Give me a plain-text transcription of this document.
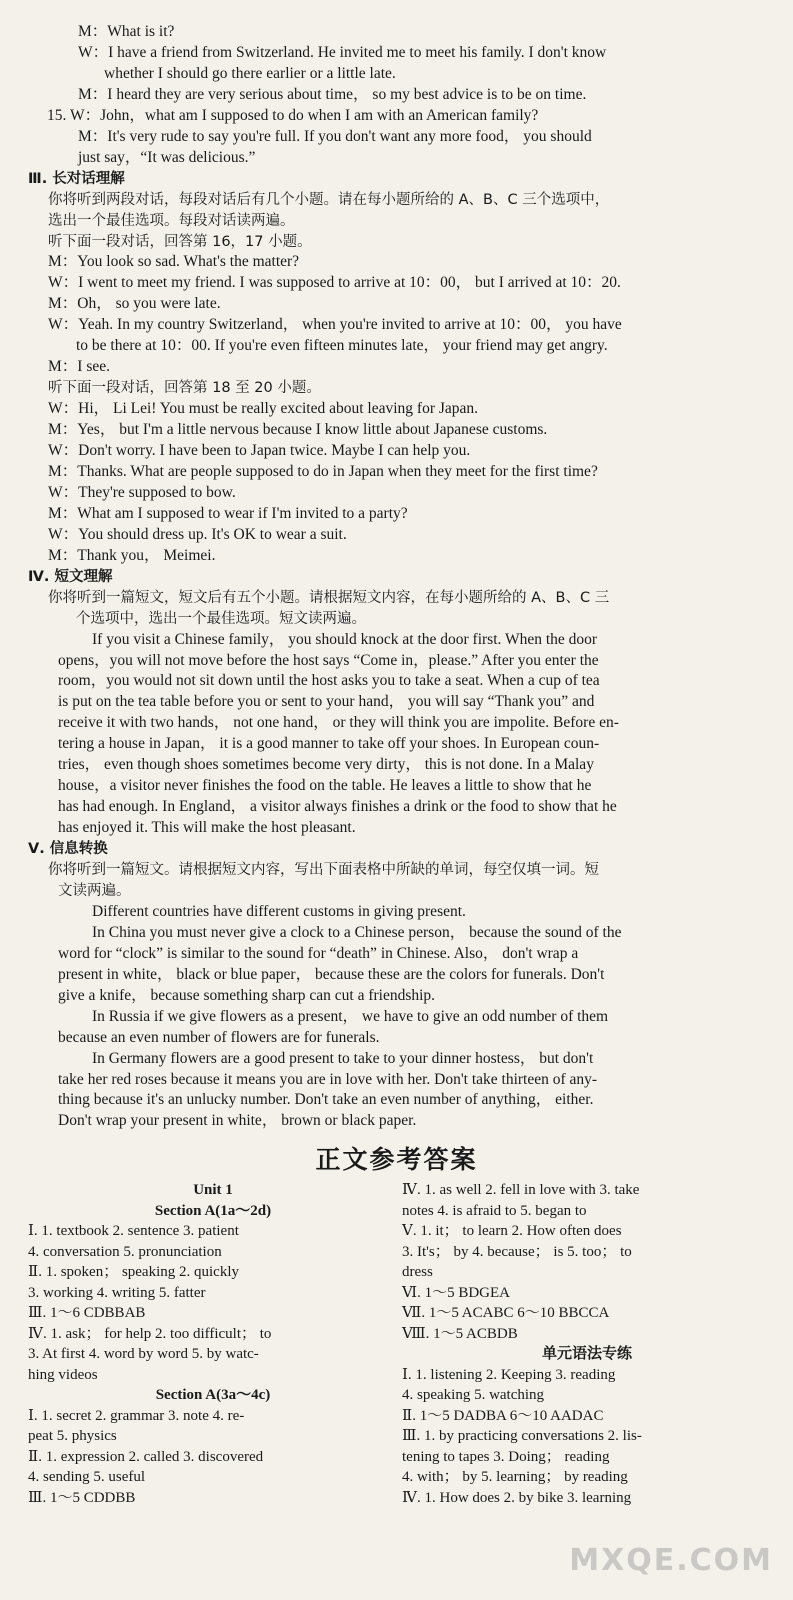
M：What is it?
W：I have a friend from Switzerland. He invited me to meet his family. I don't know
whether I should go there earlier or a little late.
M：I heard they are very serious about time， so my best advice is to be on time.
15. W：John，what am I supposed to do when I am with an American family?
M：It's very rude to say you're full. If you don't want any more food， you should
just say，“It was delicious.”
Ⅲ. 长对话理解
你将听到两段对话，每段对话后有几个小题。请在每小题所给的 A、B、C 三个选项中，
选出一个最佳选项。每段对话读两遍。
听下面一段对话，回答第 16，17 小题。
M：You look so sad. What's the matter?
W：I went to meet my friend. I was supposed to arrive at 10：00， but I arrived at 10：20.
M：Oh， so you were late.
W：Yeah. In my country Switzerland， when you're invited to arrive at 10：00， you have
to be there at 10：00. If you're even fifteen minutes late， your friend may get angry.
M：I see.
听下面一段对话，回答第 18 至 20 小题。
W：Hi， Li Lei! You must be really excited about leaving for Japan.
M：Yes， but I'm a little nervous because I know little about Japanese customs.
W：Don't worry. I have been to Japan twice. Maybe I can help you.
M：Thanks. What are people supposed to do in Japan when they meet for the first time?
W：They're supposed to bow.
M：What am I supposed to wear if I'm invited to a party?
W：You should dress up. It's OK to wear a suit.
M：Thank you， Meimei.
Ⅳ. 短文理解
你将听到一篇短文，短文后有五个小题。请根据短文内容，在每小题所给的 A、B、C 三
个选项中，选出一个最佳选项。短文读两遍。
If you visit a Chinese family， you should knock at the door first. When the door
opens，you will not move before the host says “Come in，please.” After you enter the
room，you would not sit down until the host asks you to take a seat. When a cup of tea
is put on the tea table before you or sent to your hand， you will say “Thank you” and
receive it with two hands， not one hand， or they will think you are impolite. Before en-
tering a house in Japan， it is a good manner to take off your shoes. In European coun-
tries， even though shoes sometimes become very dirty， this is not done. In a Malay
house，a visitor never finishes the food on the table. He leaves a little to show that he
has had enough. In England， a visitor always finishes a drink or the food to show that he
has enjoyed it. This will make the host pleasant.
Ⅴ. 信息转换
你将听到一篇短文。请根据短文内容，写出下面表格中所缺的单词，每空仅填一词。短
文读两遍。
Different countries have different customs in giving present.
In China you must never give a clock to a Chinese person， because the sound of the
word for “clock” is similar to the sound for “death” in Chinese. Also， don't wrap a
present in white， black or blue paper， because these are the colors for funerals. Don't
give a knife， because something sharp can cut a friendship.
In Russia if we give flowers as a present， we have to give an odd number of them
because an even number of flowers are for funerals.
In Germany flowers are a good present to take to your dinner hostess， but don't
take her red roses because it means you are in love with her. Don't take thirteen of any-
thing because it's an unlucky number. Don't take an even number of anything， either.
Don't wrap your present in white， brown or black paper.
正文参考答案
Unit 1
Section A(1a～2d)
Ⅰ. 1. textbook 2. sentence 3. patient
4. conversation 5. pronunciation
Ⅱ. 1. spoken； speaking 2. quickly
3. working 4. writing 5. fatter
Ⅲ. 1～6 CDBBAB
Ⅳ. 1. ask； for help 2. too difficult； to
3. At first 4. word by word 5. by watc-
hing videos
Section A(3a～4c)
Ⅰ. 1. secret 2. grammar 3. note 4. re-
peat 5. physics
Ⅱ. 1. expression 2. called 3. discovered
4. sending 5. useful
Ⅲ. 1～5 CDDBB
Ⅳ. 1. as well 2. fell in love with 3. take
notes 4. is afraid to 5. began to
Ⅴ. 1. it； to learn 2. How often does
3. It's； by 4. because； is 5. too； to
dress
Ⅵ. 1～5 BDGEA
Ⅶ. 1～5 ACABC 6～10 BBCCA
Ⅷ. 1～5 ACBDB
单元语法专练
Ⅰ. 1. listening 2. Keeping 3. reading
4. speaking 5. watching
Ⅱ. 1～5 DADBA 6～10 AADAC
Ⅲ. 1. by practicing conversations 2. lis-
tening to tapes 3. Doing； reading
4. with； by 5. learning； by reading
Ⅳ. 1. How does 2. by bike 3. learning
MXQE.COM
